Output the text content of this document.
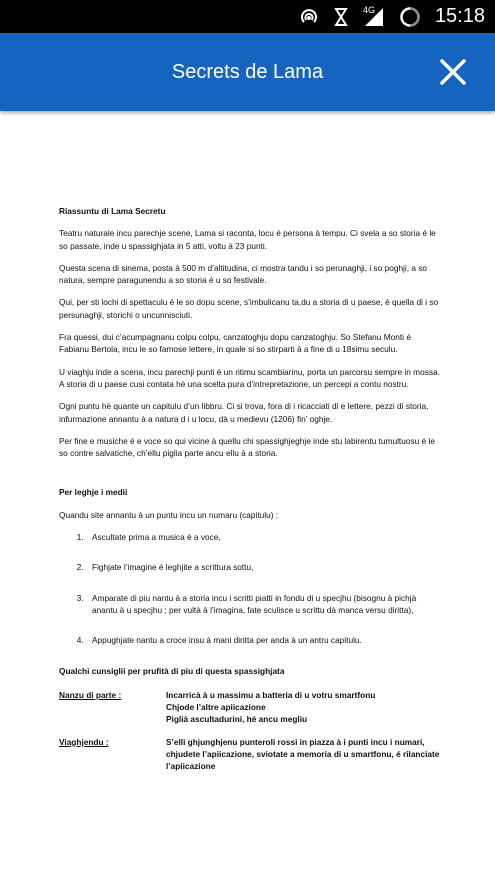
4G	15:18
Secrets de Lama
Riassuntu di Lama Secretu

Teatru naturale incu parechje scene, Lama si raconta, locu é persona à tempu. Ci svela a so storia é le so passate, inde u spassighjata in 5 atti, voltu à 23 punti.

Questa scena di sinema, posta à 500 m d’altitudina, ci mostra tandu i so perunaghji, i so poghji, a so natura, sempre paragunendu a so storia é u so festivale.

Qui, per sti lochi di spettaculu é le so dopu scene, s’imbulicanu ta,du a storia di u paese, é quella di i so persunaghji, storichi o uncunnisciuti.

Fra quessi, dui c’acumpagnanu colpu colpu, canzatoghju dopu canzatoghju. So Stefanu Monti é Fabianu Bertola, incu le so famose lettere, in quale si so stirparti à a fine di u 18simu seculu.

U viaghju inde a scena, incu parechji punti é un ritimu scambiarinu, porta un parcorsu sempre in mossa. A storia di u paese cusi contata hè una scelta pura d’intrepretazione, un percepi a contu nostru.

Ogni puntu hè quante un capitulu d’un libbru. Ci si trova, fora di i ricacciati di e lettere, pezzi di storia, infurmazione annantu à a natura d i u locu, dà u medievu (1206) fin’ oghje.

Per fine e musiche é e voce so qui vicine à quellu chi spassighjeghje inde stu labirentu tumultuosu é le so contre salvatiche, ch’ellu piglia parte ancu ellu à a storia.

Per leghje i medii

Quandu site annantu à un puntu incu un numaru (capitulu) :

1. Ascultate prima a musica é a voce,
2. Fighjate l’imagine é leghjite a scrittura sottu,
3. Amparate di piu nantu à a storia incu i scritti piatti in fondu di u specjhu (bisognu à pichjà anantu à u specjhu ; per vultà à l’imagina, fate sculisce u scrittu dà manca versu diritta),
4. Appughjate nantu a croce insu à mani diritta per anda à un antru capitulu.
Qualchi cunsiglii per prufità di piu di questa spassighjata
Nanzu di parte :	Incarricà à u massimu a batteria di u votru smartfonu
Chjode l’altre apiicazione
Piglià ascultadurini, hé ancu megliu
Viaghjendu :	S’elli ghjunghjenu punteroli rossi in piazza à i punti incu i numari, chjudete l’apiicazione, sviotate a memoria di u smartfonu, é rilanciate l’apiicazione
